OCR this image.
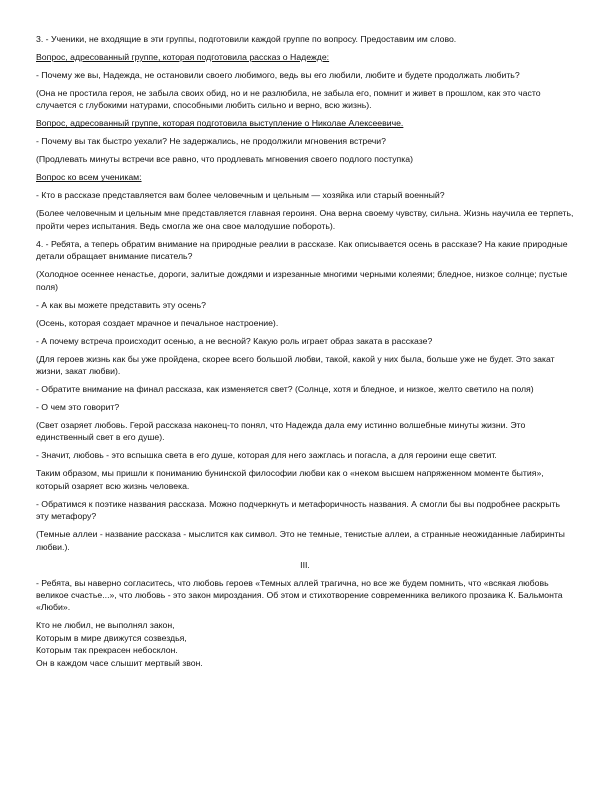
3. - Ученики, не входящие в эти группы, подготовили каждой группе по вопросу. Предоставим им слово.

Вопрос, адресованный группе, которая подготовила рассказ о Надежде:

- Почему же вы, Надежда, не остановили своего любимого, ведь вы его любили, любите и будете продолжать любить?

(Она не простила героя, не забыла своих обид, но и не разлюбила, не забыла его, помнит и живет в прошлом, как это часто случается с глубокими натурами, способными любить сильно и верно, всю жизнь).

Вопрос, адресованный группе, которая подготовила выступление о Николае Алексеевиче.

- Почему вы так быстро уехали? Не задержались, не продолжили мгновения встречи?

(Продлевать минуты встречи все равно, что продлевать мгновения своего подлого поступка)

Вопрос ко всем ученикам:

- Кто в рассказе представляется вам более человечным и цельным — хозяйка или старый военный?

(Более человечным и цельным мне представляется главная героиня. Она верна своему чувству, сильна. Жизнь научила ее терпеть, пройти через испытания. Ведь смогла же она свое малодушие побороть).

4. - Ребята, а теперь обратим внимание на природные реалии в рассказе. Как описывается осень в рассказе? На какие природные детали обращает внимание писатель?

(Холодное осеннее ненастье, дороги, залитые дождями и изрезанные многими черными колеями; бледное, низкое солнце; пустые поля)

- А как вы можете представить эту осень?

(Осень, которая создает мрачное и печальное настроение).

- А почему встреча происходит осенью, а не весной? Какую роль играет образ заката в рассказе?

(Для героев жизнь как бы уже пройдена, скорее всего большой любви, такой, какой у них была, больше уже не будет. Это закат жизни, закат любви).

- Обратите внимание на финал рассказа, как изменяется свет? (Солнце, хотя и бледное, и низкое, желто светило на поля)

- О чем это говорит?

(Свет озаряет любовь. Герой рассказа наконец-то понял, что Надежда дала ему истинно волшебные минуты жизни. Это единственный свет в его душе).

- Значит, любовь - это вспышка света в его душе, которая для него зажглась и погасла, а для героини еще светит.

Таким образом, мы пришли к пониманию бунинской философии любви как о «неком высшем напряженном моменте бытия», который озаряет всю жизнь человека.

- Обратимся к поэтике названия рассказа. Можно подчеркнуть и метафоричность названия. А смогли бы вы подробнее раскрыть эту метафору?

(Темные аллеи - название рассказа - мыслится как символ. Это не темные, тенистые аллеи, а странные неожиданные лабиринты любви.).

III.

- Ребята, вы наверно согласитесь, что любовь героев «Темных аллей трагична, но все же будем помнить, что «всякая любовь великое счастье...», что любовь - это закон мироздания. Об этом и стихотворение современника великого прозаика К. Бальмонта «Люби».

Кто не любил, не выполнял закон,

Которым в мире движутся созвездья,

Которым так прекрасен небосклон.

Он в каждом часе слышит мертвый звон.
